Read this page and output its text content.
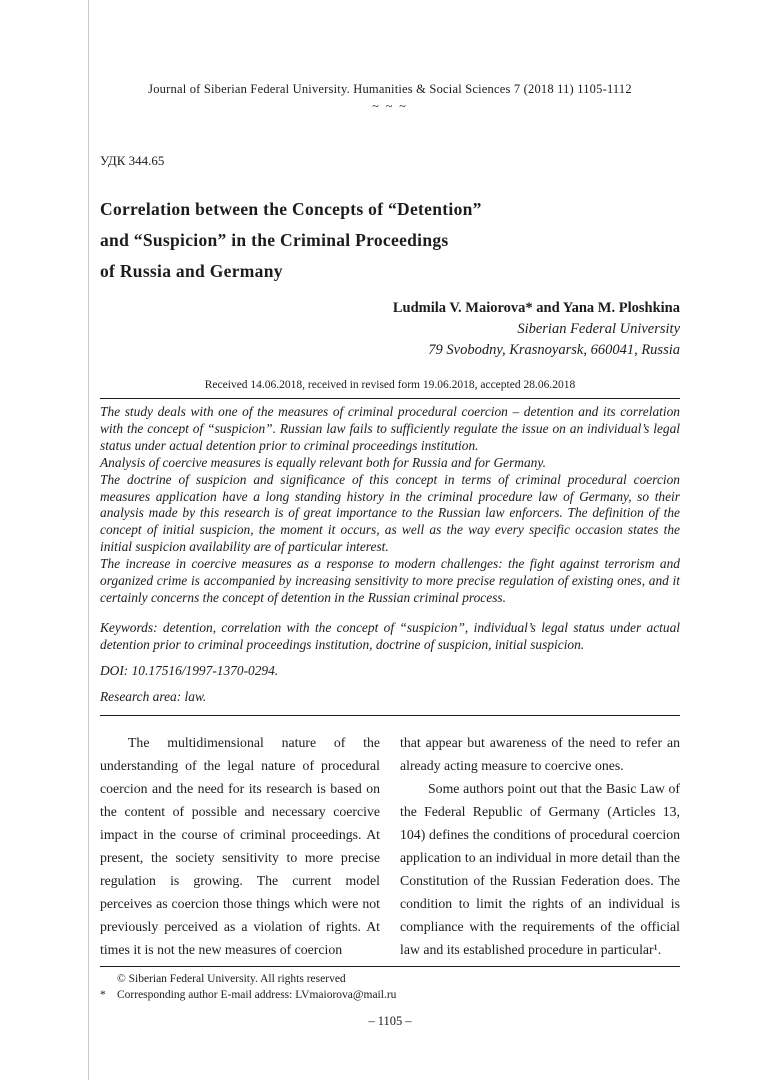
Journal of Siberian Federal University. Humanities & Social Sciences 7 (2018 11) 1105-1112
~ ~ ~
УДК 344.65
Correlation between the Concepts of “Detention”
and “Suspicion” in the Criminal Proceedings
of Russia and Germany
Ludmila V. Maiorova* and Yana M. Ploshkina
Siberian Federal University
79 Svobodny, Krasnoyarsk, 660041, Russia
Received 14.06.2018, received in revised form 19.06.2018, accepted 28.06.2018

The study deals with one of the measures of criminal procedural coercion – detention and its correlation with the concept of “suspicion”. Russian law fails to sufficiently regulate the issue on an individual’s legal status under actual detention prior to criminal proceedings institution.

Analysis of coercive measures is equally relevant both for Russia and for Germany.

The doctrine of suspicion and significance of this concept in terms of criminal procedural coercion measures application have a long standing history in the criminal procedure law of Germany, so their analysis made by this research is of great importance to the Russian law enforcers. The definition of the concept of initial suspicion, the moment it occurs, as well as the way every specific occasion states the initial suspicion availability are of particular interest.

The increase in coercive measures as a response to modern challenges: the fight against terrorism and organized crime is accompanied by increasing sensitivity to more precise regulation of existing ones, and it certainly concerns the concept of detention in the Russian criminal process.

Keywords: detention, correlation with the concept of “suspicion”, individual’s legal status under actual detention prior to criminal proceedings institution, doctrine of suspicion, initial suspicion.
DOI: 10.17516/1997-1370-0294.
Research area: law.

The multidimensional nature of the understanding of the legal nature of procedural coercion and the need for its research is based on the content of possible and necessary coercive impact in the course of criminal proceedings. At present, the society sensitivity to more precise regulation is growing. The current model perceives as coercion those things which were not previously perceived as a violation of rights. At times it is not the new measures of coercion

that appear but awareness of the need to refer an already acting measure to coercive ones.

Some authors point out that the Basic Law of the Federal Republic of Germany (Articles 13, 104) defines the conditions of procedural coercion application to an individual in more detail than the Constitution of the Russian Federation does. The condition to limit the rights of an individual is compliance with the requirements of the official law and its established procedure in particular¹.

© Siberian Federal University. All rights reserved
* Corresponding author E-mail address: LVmaiorova@mail.ru
– 1105 –
